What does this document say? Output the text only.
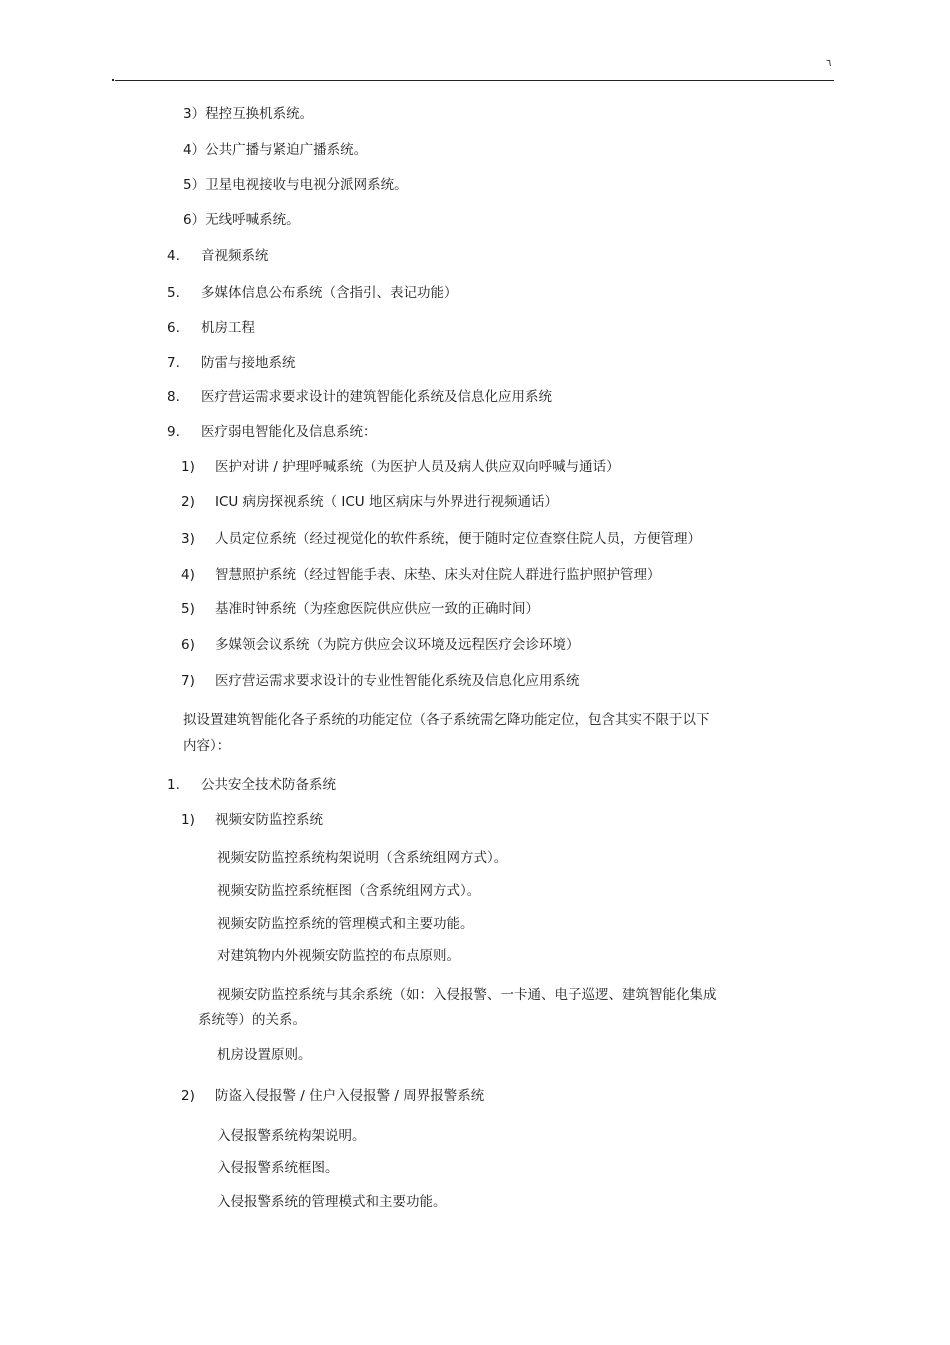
٦
3）程控互换机系统。
4）公共广播与紧迫广播系统。
5）卫星电视接收与电视分派网系统。
6）无线呼喊系统。
4. 音视频系统
5. 多媒体信息公布系统（含指引、表记功能）
6. 机房工程
7. 防雷与接地系统
8. 医疗营运需求要求设计的建筑智能化系统及信息化应用系统
9. 医疗弱电智能化及信息系统：
1) 医护对讲 / 护理呼喊系统（为医护人员及病人供应双向呼喊与通话）
2) ICU 病房探视系统（ ICU 地区病床与外界进行视频通话）
3) 人员定位系统（经过视觉化的软件系统，便于随时定位查察住院人员，方便管理）
4) 智慧照护系统（经过智能手表、床垫、床头对住院人群进行监护照护管理）
5) 基准时钟系统（为痊愈医院供应供应一致的正确时间）
6) 多媒领会议系统（为院方供应会议环境及远程医疗会诊环境）
7) 医疗营运需求要求设计的专业性智能化系统及信息化应用系统
拟设置建筑智能化各子系统的功能定位（各子系统需乞降功能定位，包含其实不限于以下
内容）：
1. 公共安全技术防备系统
1) 视频安防监控系统
视频安防监控系统构架说明（含系统组网方式）。
视频安防监控系统框图（含系统组网方式）。
视频安防监控系统的管理模式和主要功能。
对建筑物内外视频安防监控的布点原则。
视频安防监控系统与其余系统（如：入侵报警、一卡通、电子巡逻、建筑智能化集成
系统等）的关系。
机房设置原则。
2) 防盗入侵报警 / 住户入侵报警 / 周界报警系统
入侵报警系统构架说明。
入侵报警系统框图。
入侵报警系统的管理模式和主要功能。
